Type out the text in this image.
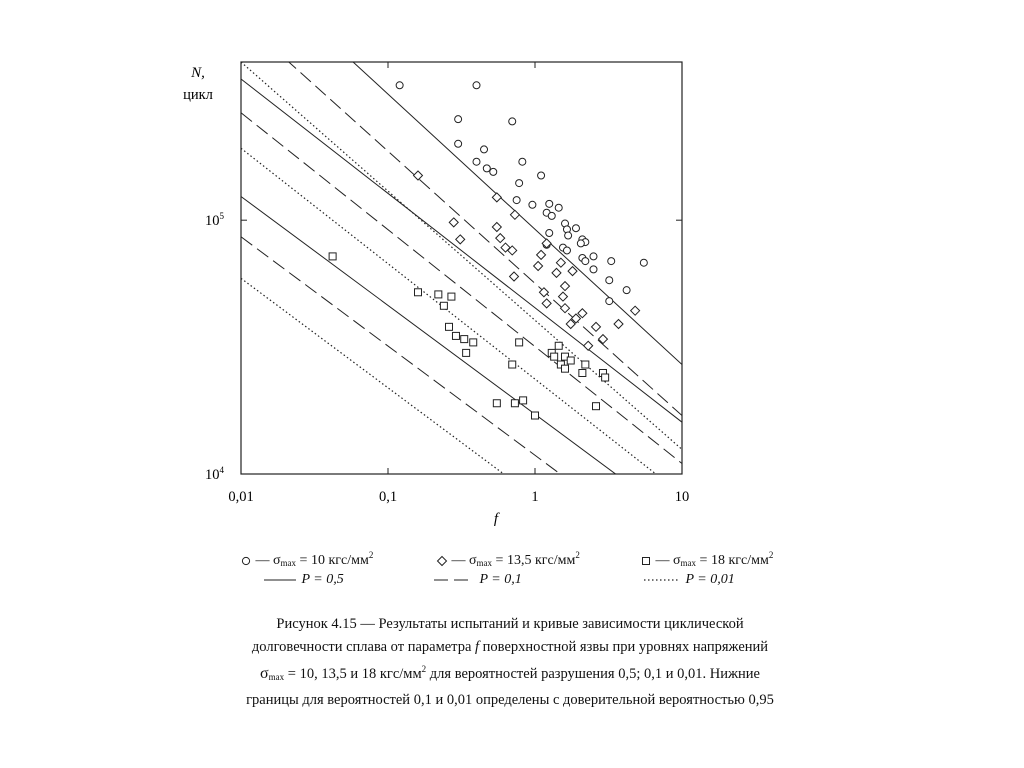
0,01	0,1	1	10
$10^4$
$10^5$
N,
цикл
f
— $\sigma_{max} = 10$ кгс/$мм^2$	— $\sigma_{max} = 13,5$ кгс/$мм^2$	— $\sigma_{max} = 18$ кгс/$мм^2$
P = 0,5	P = 0,1	P = 0,01
Рисунок 4.15 — Результаты испытаний и кривые зависимости циклической
долговечности сплава от параметра f поверхностной язвы при уровнях напряжений
$\sigma_{max} = 10$, 13,5 и 18 кгс/$мм^2$ для вероятностей разрушения 0,5; 0,1 и 0,01. Нижние
границы для вероятностей 0,1 и 0,01 определены с доверительной вероятностью 0,95
